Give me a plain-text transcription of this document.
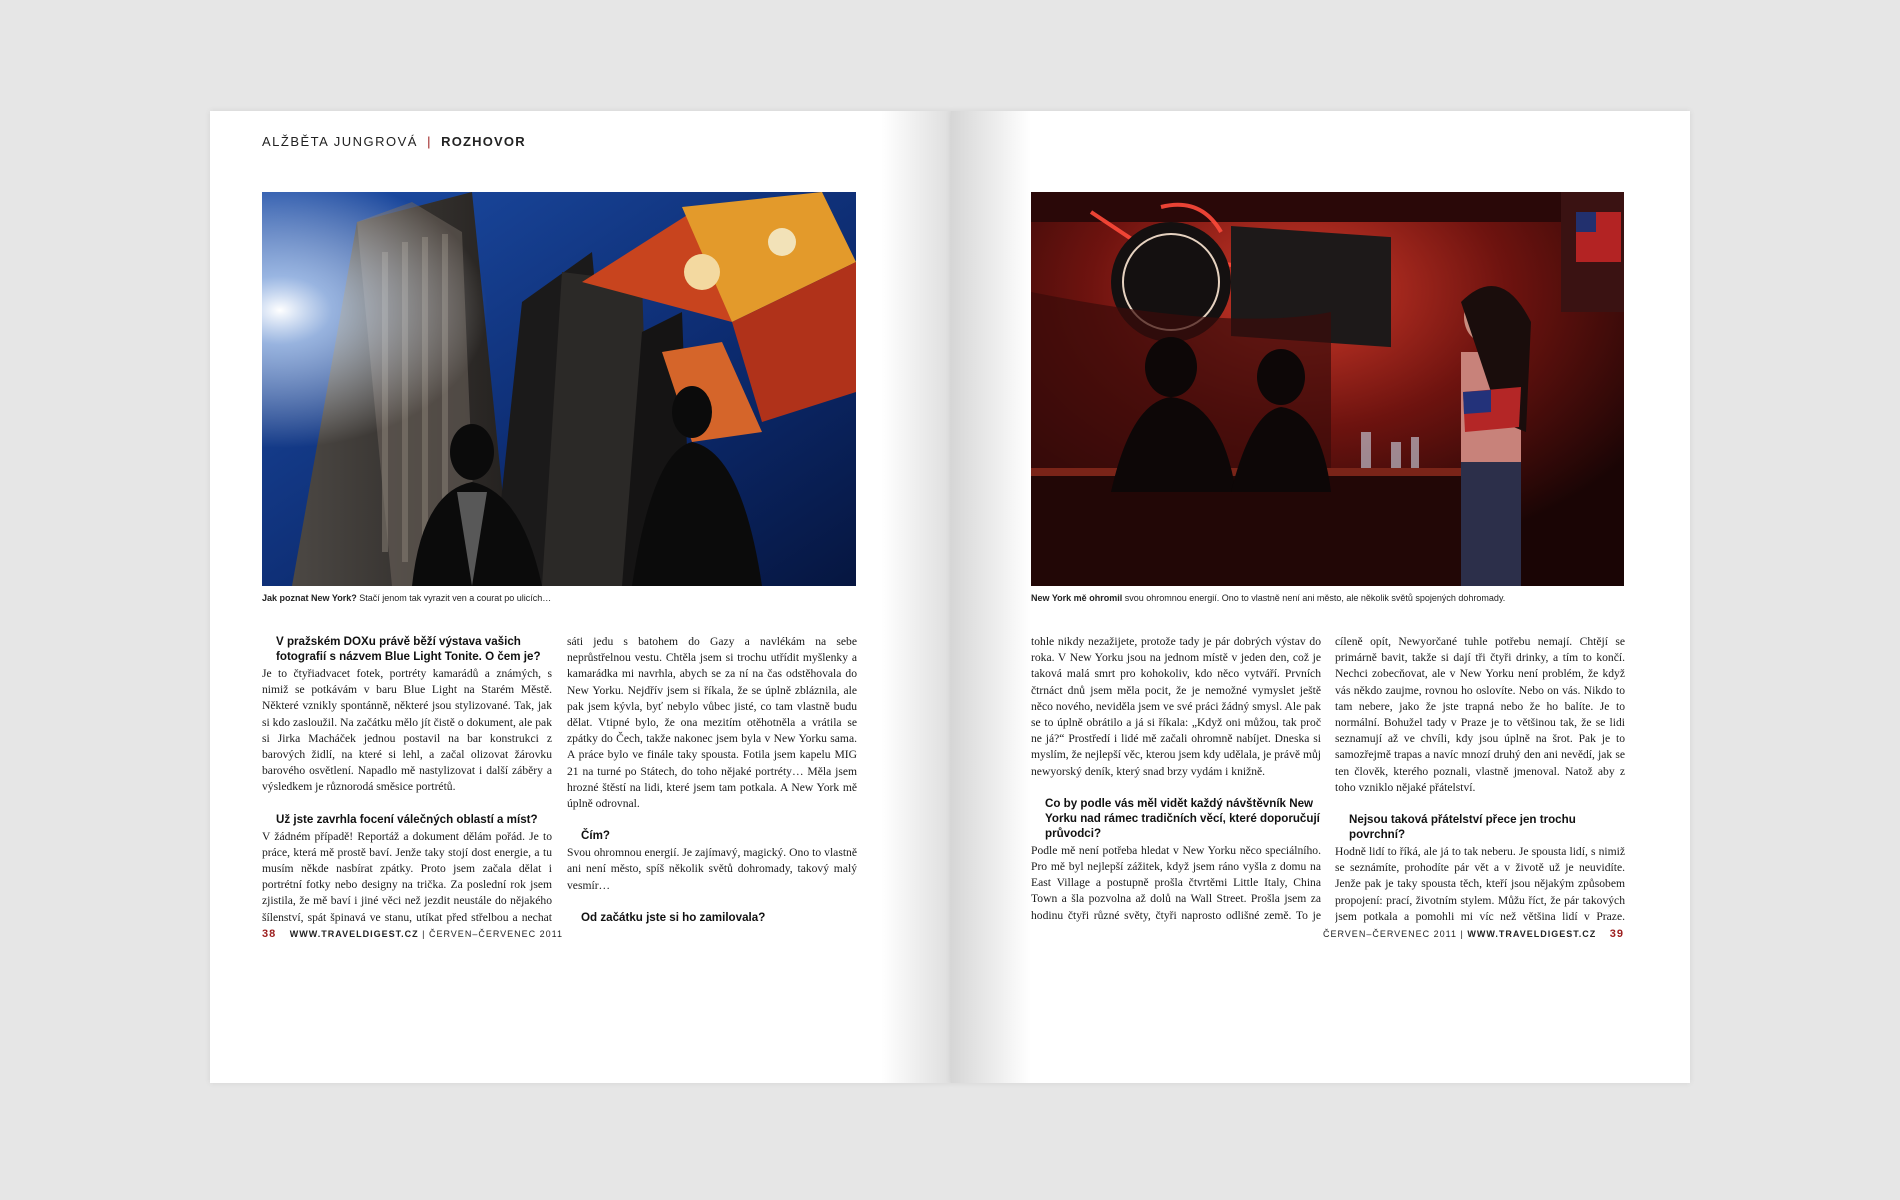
ALŽBĚTA JUNGROVÁ | ROZHOVOR
Jak poznat New York? Stačí jenom tak vyrazit ven a courat po ulicích…
V pražském DOXu právě běží výstava vašich fotografií s názvem Blue Light Tonite. O čem je?

Je to čtyřiadvacet fotek, portréty kamarádů a známých, s nimiž se potkávám v baru Blue Light na Starém Městě. Některé vznikly spontánně, některé jsou stylizované. Tak, jak si kdo zasloužil. Na začátku mělo jít čistě o dokument, ale pak si Jirka Macháček jednou postavil na bar konstrukci z barových židlí, na které si lehl, a začal olizovat žárovku barového osvětlení. Napadlo mě nastylizovat i další záběry a výsledkem je různorodá směsice portrétů.

Už jste zavrhla focení válečných oblastí a míst?

V žádném případě! Reportáž a dokument dělám pořád. Je to práce, která mě prostě baví. Jenže taky stojí dost energie, a tu musím někde nasbírat zpátky. Proto jsem začala dělat i portrétní fotky nebo designy na trička. Za poslední rok jsem zjistila, že mě baví i jiné věci než jezdit neustále do nějakého šílenství, spát špinavá ve stanu, utíkat před střelbou a nechat

sáti jedu s batohem do Gazy a navlékám na sebe neprůstřelnou vestu. Chtěla jsem si trochu utřídit myšlenky a kamarádka mi navrhla, abych se za ní na čas odstěhovala do New Yorku. Nejdřív jsem si říkala, že se úplně zbláznila, ale pak jsem kývla, byť nebylo vůbec jisté, co tam vlastně budu dělat. Vtipné bylo, že ona mezitím otěhotněla a vrátila se zpátky do Čech, takže nakonec jsem byla v New Yorku sama. A práce bylo ve finále taky spousta. Fotila jsem kapelu MIG 21 na turné po Státech, do toho nějaké portréty… Měla jsem hrozné štěstí na lidi, které jsem tam potkala. A New York mě úplně odrovnal.

Čím?

Svou ohromnou energií. Je zajímavý, magický. Ono to vlastně ani není město, spíš několik světů dohromady, takový malý vesmír…

Od začátku jste si ho zamilovala?

38 WWW.TRAVELDIGEST.CZ | ČERVEN–ČERVENEC 2011
New York mě ohromil svou ohromnou energií. Ono to vlastně není ani město, ale několik světů spojených dohromady.

tohle nikdy nezažijete, protože tady je pár dobrých výstav do roka. V New Yorku jsou na jednom místě v jeden den, což je taková malá smrt pro kohokoliv, kdo něco vytváří. Prvních čtrnáct dnů jsem měla pocit, že je nemožné vymyslet ještě něco nového, neviděla jsem ve své práci žádný smysl. Ale pak se to úplně obrátilo a já si říkala: „Když oni můžou, tak proč ne já?“ Prostředí i lidé mě začali ohromně nabíjet. Dneska si myslím, že nejlepší věc, kterou jsem kdy udělala, je právě můj newyorský deník, který snad brzy vydám i knižně.

Co by podle vás měl vidět každý návštěvník New Yorku nad rámec tradičních věcí, které doporučují průvodci?

Podle mě není potřeba hledat v New Yorku něco speciálního. Pro mě byl nejlepší zážitek, když jsem ráno vyšla z domu na East Village a postupně prošla čtvrtěmi Little Italy, China Town a šla pozvolna až dolů na Wall Street. Prošla jsem za hodinu čtyři různé světy, čtyři naprosto odlišné země. To je

cíleně opít, Newyorčané tuhle potřebu nemají. Chtějí se primárně bavit, takže si dají tři čtyři drinky, a tím to končí. Nechci zobecňovat, ale v New Yorku není problém, že když vás někdo zaujme, rovnou ho oslovíte. Nebo on vás. Nikdo to tam nebere, jako že jste trapná nebo že ho balíte. Je to normální. Bohužel tady v Praze je to většinou tak, že se lidi seznamují až ve chvíli, kdy jsou úplně na šrot. Pak je to samozřejmě trapas a navíc mnozí druhý den ani nevědí, jak se ten člověk, kterého poznali, vlastně jmenoval. Natož aby z toho vzniklo nějaké přátelství.

Nejsou taková přátelství přece jen trochu povrchní?

Hodně lidí to říká, ale já to tak neberu. Je spousta lidí, s nimiž se seznámíte, prohodíte pár vět a v životě už je neuvidíte. Jenže pak je taky spousta těch, kteří jsou nějakým způsobem propojení: prací, životním stylem. Můžu říct, že pár takových jsem potkala a pomohli mi víc než většina lidí v Praze.

ČERVEN–ČERVENEC 2011 | WWW.TRAVELDIGEST.CZ 39
